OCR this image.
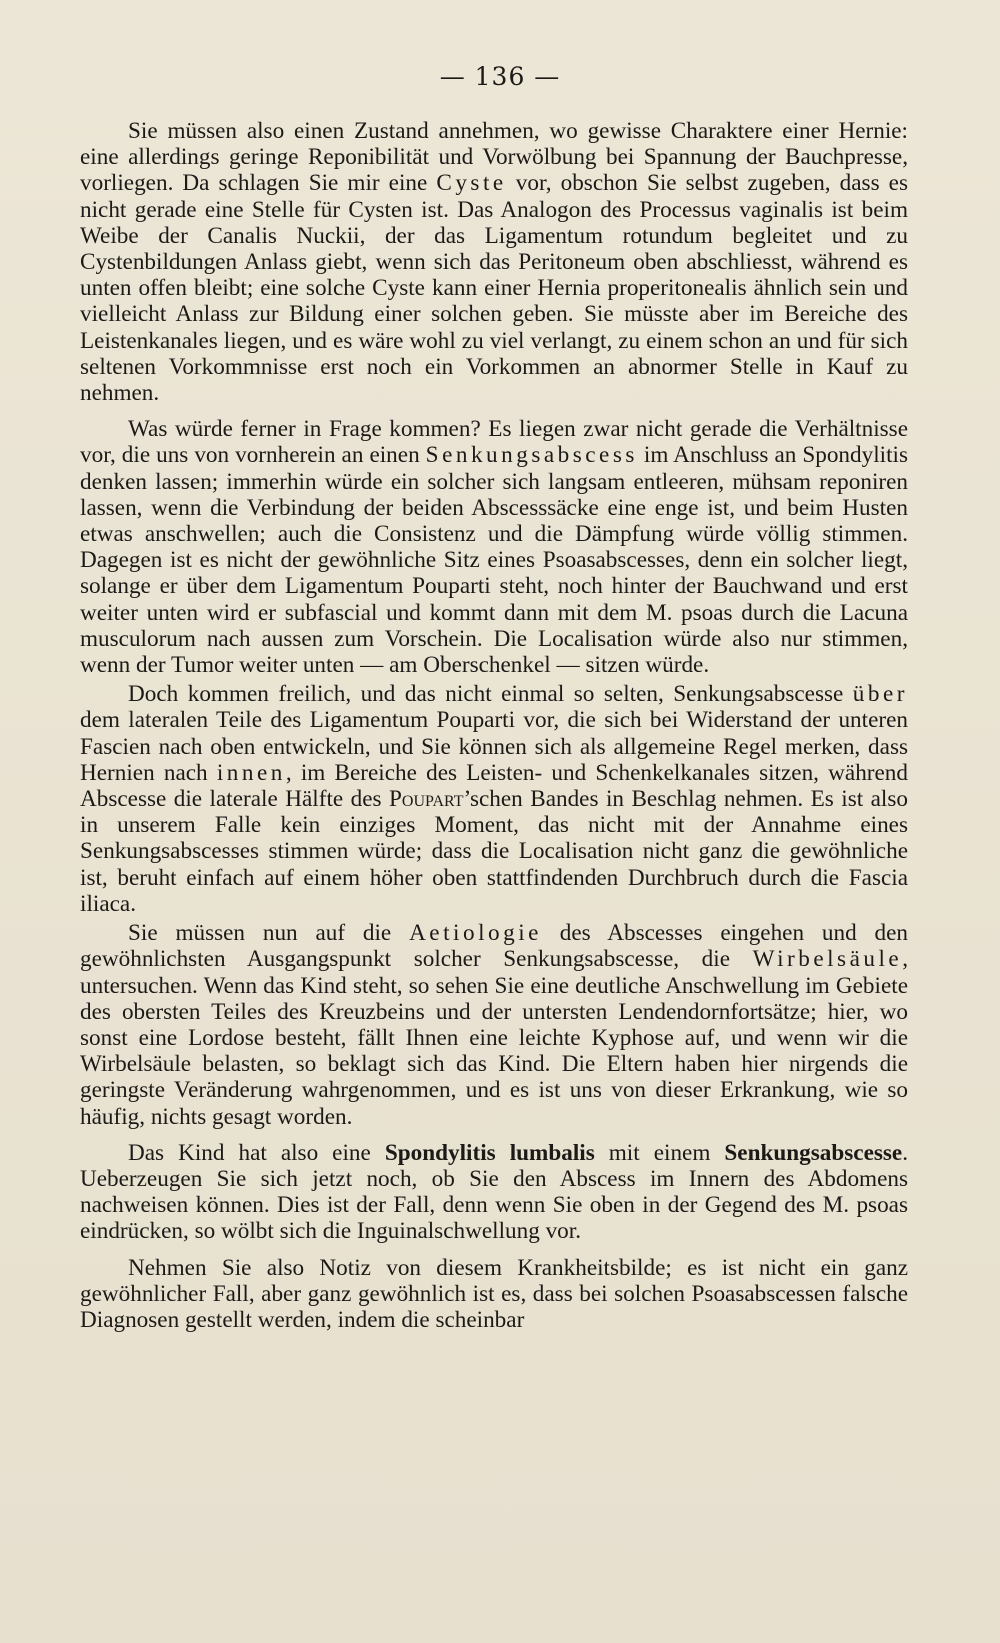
— 136 —

Sie müssen also einen Zustand annehmen, wo gewisse Charaktere einer Hernie: eine allerdings geringe Reponibilität und Vorwölbung bei Spannung der Bauchpresse, vorliegen. Da schlagen Sie mir eine Cyste vor, obschon Sie selbst zugeben, dass es nicht gerade eine Stelle für Cysten ist. Das Analogon des Processus vaginalis ist beim Weibe der Canalis Nuckii, der das Ligamentum rotundum begleitet und zu Cystenbildungen Anlass giebt, wenn sich das Peritoneum oben abschliesst, während es unten offen bleibt; eine solche Cyste kann einer Hernia properitonealis ähnlich sein und vielleicht Anlass zur Bildung einer solchen geben. Sie müsste aber im Bereiche des Leistenkanales liegen, und es wäre wohl zu viel verlangt, zu einem schon an und für sich seltenen Vorkommnisse erst noch ein Vorkommen an abnormer Stelle in Kauf zu nehmen.

Was würde ferner in Frage kommen? Es liegen zwar nicht gerade die Verhältnisse vor, die uns von vornherein an einen Senkungsabscess im Anschluss an Spondylitis denken lassen; immerhin würde ein solcher sich langsam entleeren, mühsam reponiren lassen, wenn die Verbindung der beiden Abscesssäcke eine enge ist, und beim Husten etwas anschwellen; auch die Consistenz und die Dämpfung würde völlig stimmen. Dagegen ist es nicht der gewöhnliche Sitz eines Psoasabscesses, denn ein solcher liegt, solange er über dem Ligamentum Pouparti steht, noch hinter der Bauchwand und erst weiter unten wird er subfascial und kommt dann mit dem M. psoas durch die Lacuna musculorum nach aussen zum Vorschein. Die Localisation würde also nur stimmen, wenn der Tumor weiter unten — am Oberschenkel — sitzen würde.

Doch kommen freilich, und das nicht einmal so selten, Senkungsabscesse über dem lateralen Teile des Ligamentum Pouparti vor, die sich bei Widerstand der unteren Fascien nach oben entwickeln, und Sie können sich als allgemeine Regel merken, dass Hernien nach innen, im Bereiche des Leisten- und Schenkelkanales sitzen, während Abscesse die laterale Hälfte des Poupart’schen Bandes in Beschlag nehmen. Es ist also in unserem Falle kein einziges Moment, das nicht mit der Annahme eines Senkungsabscesses stimmen würde; dass die Localisation nicht ganz die gewöhnliche ist, beruht einfach auf einem höher oben stattfindenden Durchbruch durch die Fascia iliaca.

Sie müssen nun auf die Aetiologie des Abscesses eingehen und den gewöhnlichsten Ausgangspunkt solcher Senkungsabscesse, die Wirbelsäule, untersuchen. Wenn das Kind steht, so sehen Sie eine deutliche Anschwellung im Gebiete des obersten Teiles des Kreuzbeins und der untersten Lendendornfortsätze; hier, wo sonst eine Lordose besteht, fällt Ihnen eine leichte Kyphose auf, und wenn wir die Wirbelsäule belasten, so beklagt sich das Kind. Die Eltern haben hier nirgends die geringste Veränderung wahrgenommen, und es ist uns von dieser Erkrankung, wie so häufig, nichts gesagt worden.

Das Kind hat also eine Spondylitis lumbalis mit einem Senkungsabscesse. Ueberzeugen Sie sich jetzt noch, ob Sie den Abscess im Innern des Abdomens nachweisen können. Dies ist der Fall, denn wenn Sie oben in der Gegend des M. psoas eindrücken, so wölbt sich die Inguinalschwellung vor.

Nehmen Sie also Notiz von diesem Krankheitsbilde; es ist nicht ein ganz gewöhnlicher Fall, aber ganz gewöhnlich ist es, dass bei solchen Psoasabscessen falsche Diagnosen gestellt werden, indem die scheinbar
